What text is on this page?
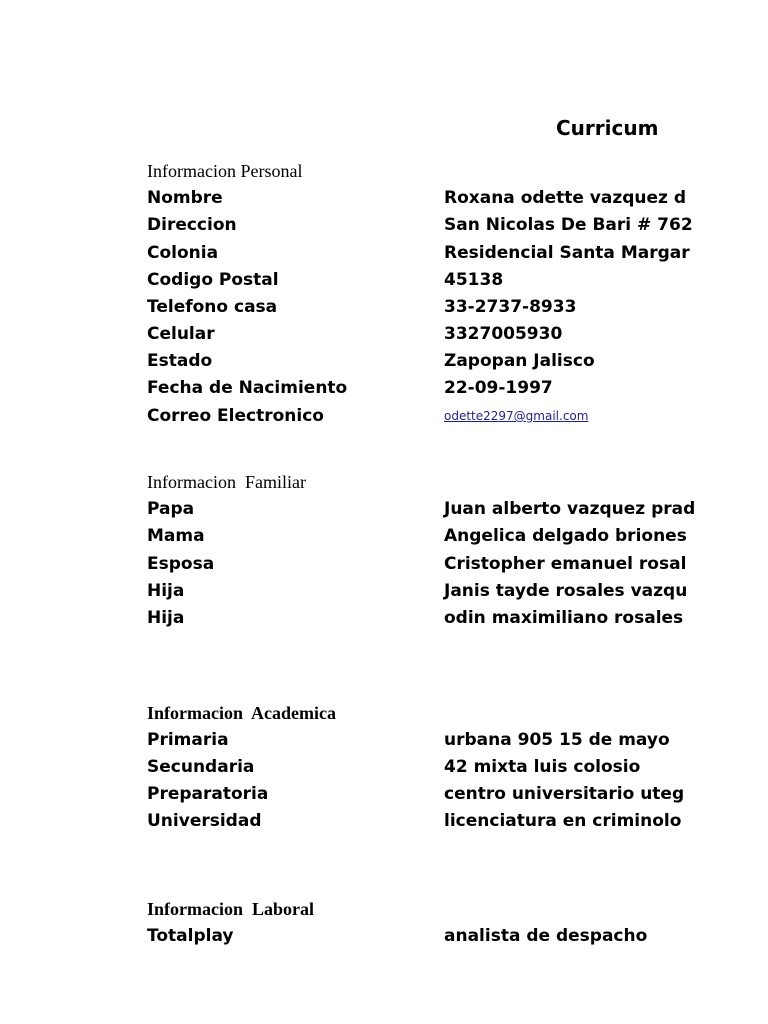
Curricum
Informacion Personal
Nombre	Roxana odette vazquez d
Direccion	San Nicolas De Bari # 762
Colonia	Residencial Santa Margar
Codigo Postal	45138
Telefono casa	33-2737-8933
Celular	3327005930
Estado	Zapopan Jalisco
Fecha de Nacimiento	22-09-1997
Correo Electronico	odette2297@gmail.com
Informacion  Familiar
Papa	Juan alberto vazquez prad
Mama	Angelica delgado briones
Esposa	Cristopher emanuel rosal
Hija	Janis tayde rosales vazqu
Hija	odin maximiliano rosales
Informacion  Academica
Primaria	urbana 905 15 de mayo
Secundaria	42 mixta luis colosio
Preparatoria	centro universitario uteg
Universidad	licenciatura en criminolo
Informacion  Laboral
Totalplay	analista de despacho
